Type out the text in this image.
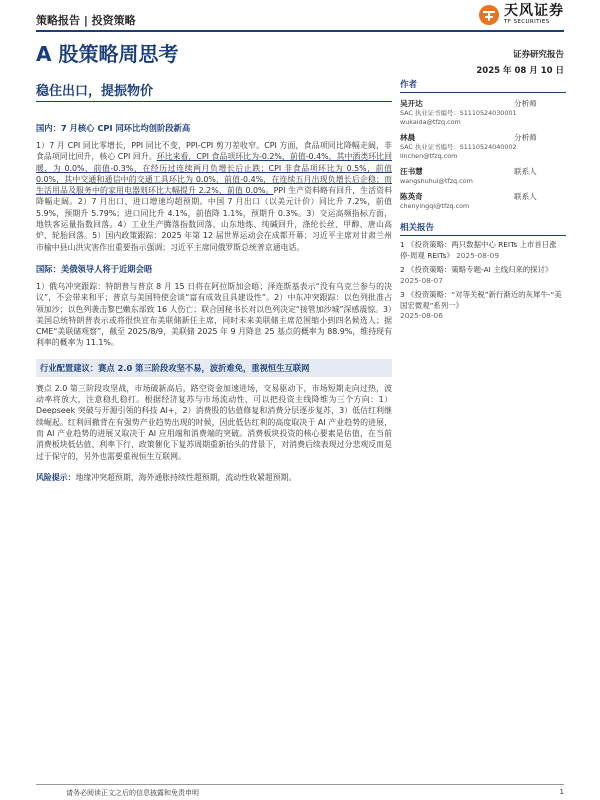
策略报告 | 投资策略
天风证券
TF SECURITIES
A 股策略周思考	证券研究报告
2025 年 08 月 10 日
稳住出口，提振物价
国内：7 月核心 CPI 同环比均创阶段新高
1）7 月 CPI 同比零增长，PPI 同比不变，PPI-CPI 剪刀差收窄。CPI 方面，食品项同比降幅走阔，非食品项同比回升，核心 CPI 回升。环比来看，CPI 食品项环比为-0.2%，前值-0.4%，其中酒类环比回暖，为 0.0%，前值-0.3%，在经历过连续两月负增长后止跌；CPI 非食品项环比为 0.5%，前值 0.0%，其中交通和通信中的交通工具环比为 0.0%，前值-0.4%，在连续五月出现负增长后企稳；而生活用品及服务中的家用电器则环比大幅提升 2.2%，前值 0.0%。PPI 生产资料略有回升，生活资料降幅走阔。2）7 月出口、进口增速均超预期。中国 7 月出口（以美元计价）同比升 7.2%，前值 5.9%，预期升 5.79%；进口同比升 4.1%，前值降 1.1%，预期升 0.3%。3）交运高频指标方面，地铁客运量指数回落。4）工业生产腾落指数回落，山东地炼、纯碱回升，涤纶长丝、甲醇、唐山高炉、轮胎回落。5）国内政策跟踪：2025 年第 12 届世界运动会在成都开幕；习近平主席对甘肃兰州市榆中县山洪灾害作出重要指示强调；习近平主席同俄罗斯总统普京通电话。
国际：美俄领导人将于近期会晤
1）俄乌冲突跟踪：特朗普与普京 8 月 15 日将在阿拉斯加会晤；泽连斯基表示“没有乌克兰参与的决议”，不会带来和平；普京与美国特使会谈“富有成效且具建设性”。2）中东冲突跟踪：以色列批准占领加沙；以色列袭击黎巴嫩东部致 16 人伤亡；联合国秘书长对以色列决定“接管加沙城”深感震惊。3）美国总统特朗普表示或将很快宣布美联储新任主席，同时未来美联储主席范围缩小到四名候选人；据 CME“美联储观察”，截至 2025/8/9，美联储 2025 年 9 月降息 25 基点的概率为 88.9%，维持现有利率的概率为 11.1%。
行业配置建议：赛点 2.0 第三阶段攻坚不易，波折难免，重视恒生互联网
赛点 2.0 第三阶段攻坚战，市场破新高后，路空资金加速进场，交易驱动下，市场短期走向过热，波动率将放大，注意稳扎稳打。根据经济复苏与市场流动性，可以把投资主线降维为三个方向：1）Deepseek 突破与开源引领的科技 AI+，2）消费股的估值修复和消费分层逐步复苏，3）低估红利继续崛起。红利回撤背在有强势产业趋势出现的时候，因此低估红利的高度取决于 AI 产业趋势的进展，而 AI 产业趋势的进展又取决于 AI 应用端和消费端的突破。消费板块投资的核心要素是估值，在当前消费板块低估值、利率下行、政策催化下复苏周期重新抬头的背景下，对消费后续表现过分悲观反而是过于保守的，另外也需要重视恒生互联网。
风险提示：地缘冲突超预期，海外通胀持续性超预期，流动性收紧超预期。
作者
吴开达	分析师
SAC 执业证书编号：S1110524030001
wukaida@tfzq.com
林晨	分析师
SAC 执业证书编号：S1110524040002
linchen@tfzq.com
汪书慧	联系人
wangshuhui@tfzq.com
陈英奇	联系人
chenyingqi@tfzq.com
相关报告
1 《投资策略：两只数据中心 REITs 上市首日涨停-周观 REITs》 2025-08-09
2 《投资策略：策略专题-AI 主线归来的探讨》 2025-08-07
3 《投资策略：“对等关税”新行渐近的灰犀牛-“美国宏微观”系列一》
2025-08-06
请务必阅读正文之后的信息披露和免责申明	1
